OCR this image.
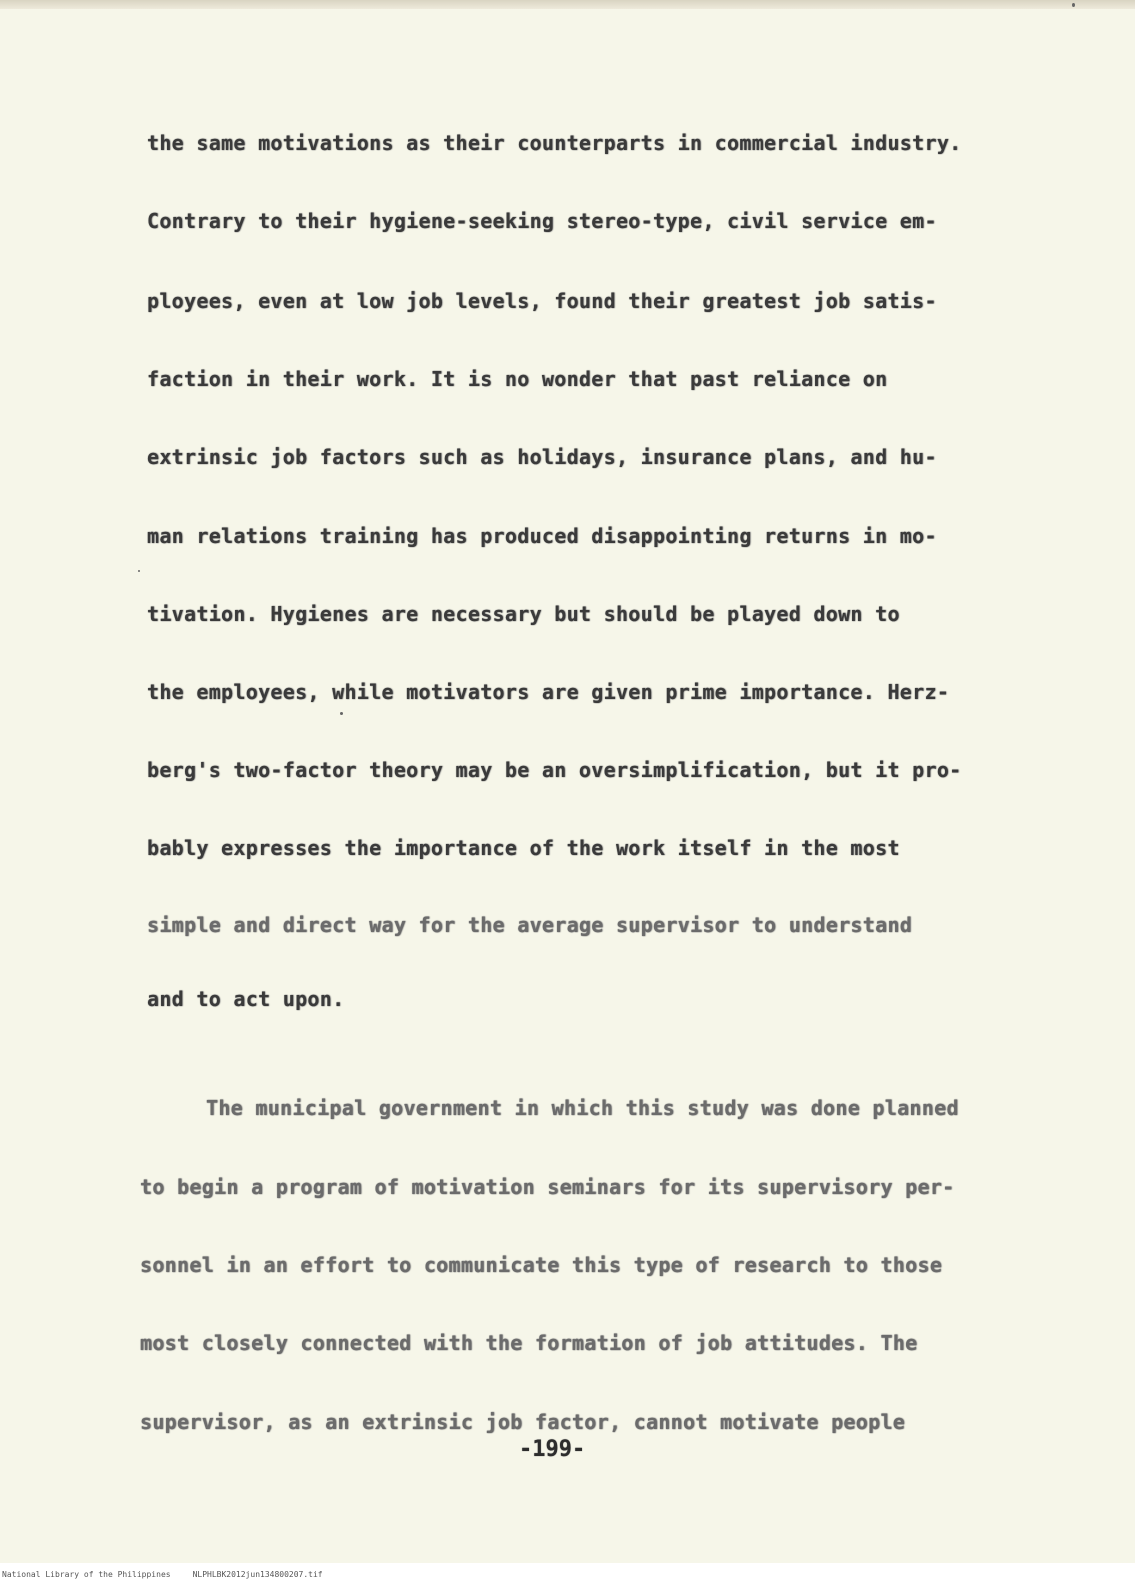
the same motivations as their counterparts in commercial industry.
Contrary to their hygiene-seeking stereo-type, civil service em-
ployees, even at low job levels, found their greatest job satis-
faction in their work. It is no wonder that past reliance on
extrinsic job factors such as holidays, insurance plans, and hu-
man relations training has produced disappointing returns in mo-
tivation. Hygienes are necessary but should be played down to
the employees, while motivators are given prime importance. Herz-
berg's two-factor theory may be an oversimplification, but it pro-
bably expresses the importance of the work itself in the most
simple and direct way for the average supervisor to understand
and to act upon.
The municipal government in which this study was done planned
to begin a program of motivation seminars for its supervisory per-
sonnel in an effort to communicate this type of research to those
most closely connected with the formation of job attitudes. The
supervisor, as an extrinsic job factor, cannot motivate people
-199-
National Library of the Philippines	NLPHLBK2012jun134800207.tif
